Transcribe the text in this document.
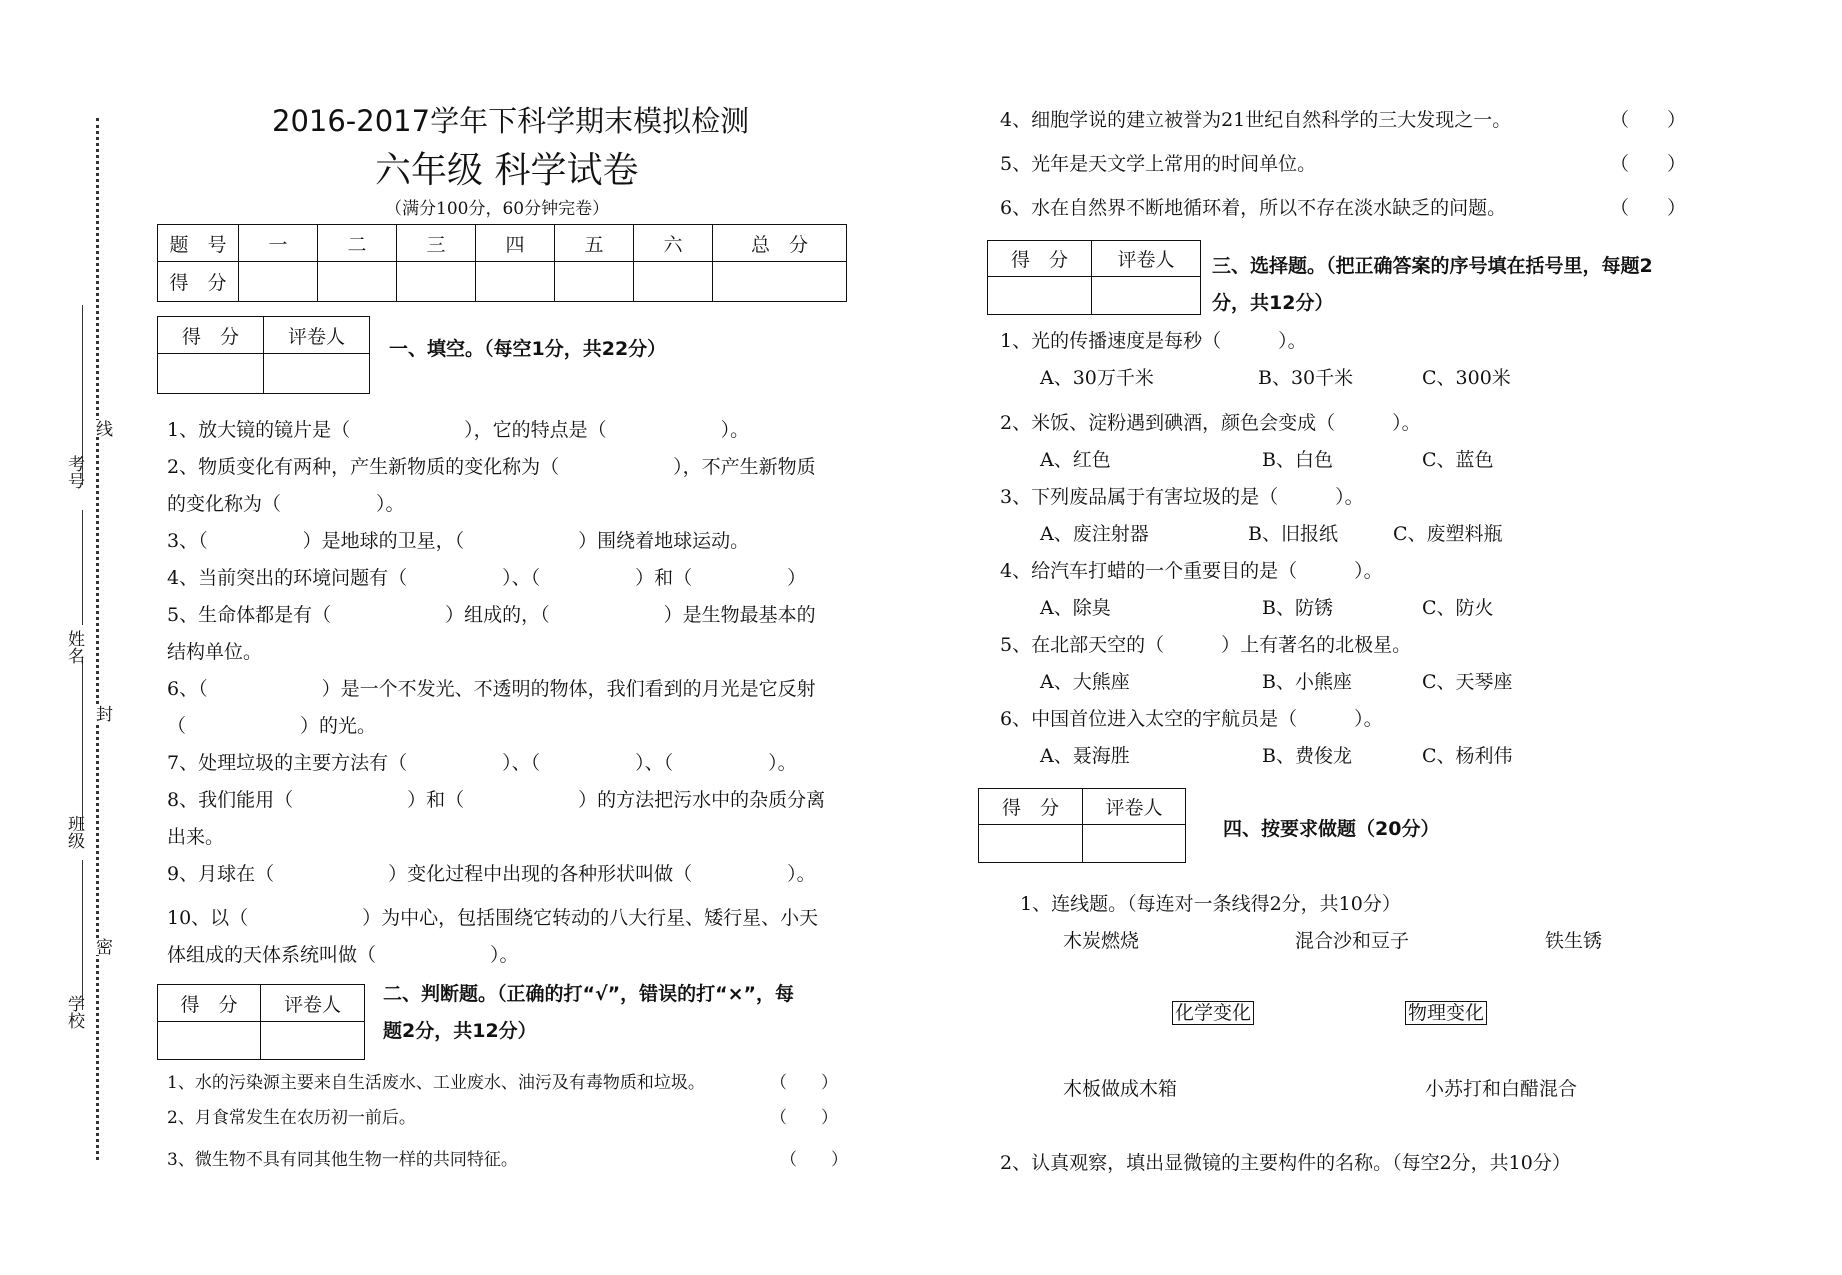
考号
姓名
班级
学校
线
封
密
2016-2017学年下科学期末模拟检测
六年级 科学试卷
（满分100分，60分钟完卷）
题　号	一	二	三	四	五	六	总　分
得　分							
得　分	评卷人

一、填空。（每空1分，共22分）
1、放大镜的镜片是（　　　　　　），它的特点是（　　　　　　）。
2、物质变化有两种，产生新物质的变化称为（　　　　　　），不产生新物质
的变化称为（　　　　　）。
3、（　　　　　）是地球的卫星，（　　　　　　）围绕着地球运动。
4、当前突出的环境问题有（　　　　　）、（　　　　　）和（　　　　　）
5、生命体都是有（　　　　　　）组成的，（　　　　　　）是生物最基本的
结构单位。
6、（　　　　　　）是一个不发光、不透明的物体，我们看到的月光是它反射
（　　　　　　）的光。
7、处理垃圾的主要方法有（　　　　　）、（　　　　　）、（　　　　　）。
8、我们能用（　　　　　　）和（　　　　　　）的方法把污水中的杂质分离
出来。
9、月球在（　　　　　　）变化过程中出现的各种形状叫做（　　　　　）。
10、以（　　　　　　）为中心，包括围绕它转动的八大行星、矮行星、小天
体组成的天体系统叫做（　　　　　　）。
得　分	评卷人
	二、判断题。（正确的打“√”，错误的打“×”，每
题2分，共12分）
1、水的污染源主要来自生活废水、工业废水、油污及有毒物质和垃圾。	（　　）
2、月食常发生在农历初一前后。	（　　）
3、微生物不具有同其他生物一样的共同特征。	（　　）
4、细胞学说的建立被誉为21世纪自然科学的三大发现之一。	（　　）
5、光年是天文学上常用的时间单位。	（　　）
6、水在自然界不断地循环着，所以不存在淡水缺乏的问题。	（　　）
得　分	评卷人
	三、选择题。（把正确答案的序号填在括号里，每题2
分，共12分）
1、光的传播速度是每秒（　　　）。
A、30万千米	B、30千米	C、300米
2、米饭、淀粉遇到碘酒，颜色会变成（　　　）。
A、红色	B、白色	C、蓝色
3、下列废品属于有害垃圾的是（　　　）。
A、废注射器	B、旧报纸	C、废塑料瓶
4、给汽车打蜡的一个重要目的是（　　　）。
A、除臭	B、防锈	C、防火
5、在北部天空的（　　　）上有著名的北极星。
A、大熊座	B、小熊座	C、天琴座
6、中国首位进入太空的宇航员是（　　　）。
A、聂海胜	B、费俊龙	C、杨利伟
得　分	评卷人

四、按要求做题（20分）
1、连线题。（每连对一条线得2分，共10分）
木炭燃烧	混合沙和豆子	铁生锈
化学变化	物理变化
木板做成木箱	小苏打和白醋混合
2、认真观察，填出显微镜的主要构件的名称。（每空2分，共10分）
